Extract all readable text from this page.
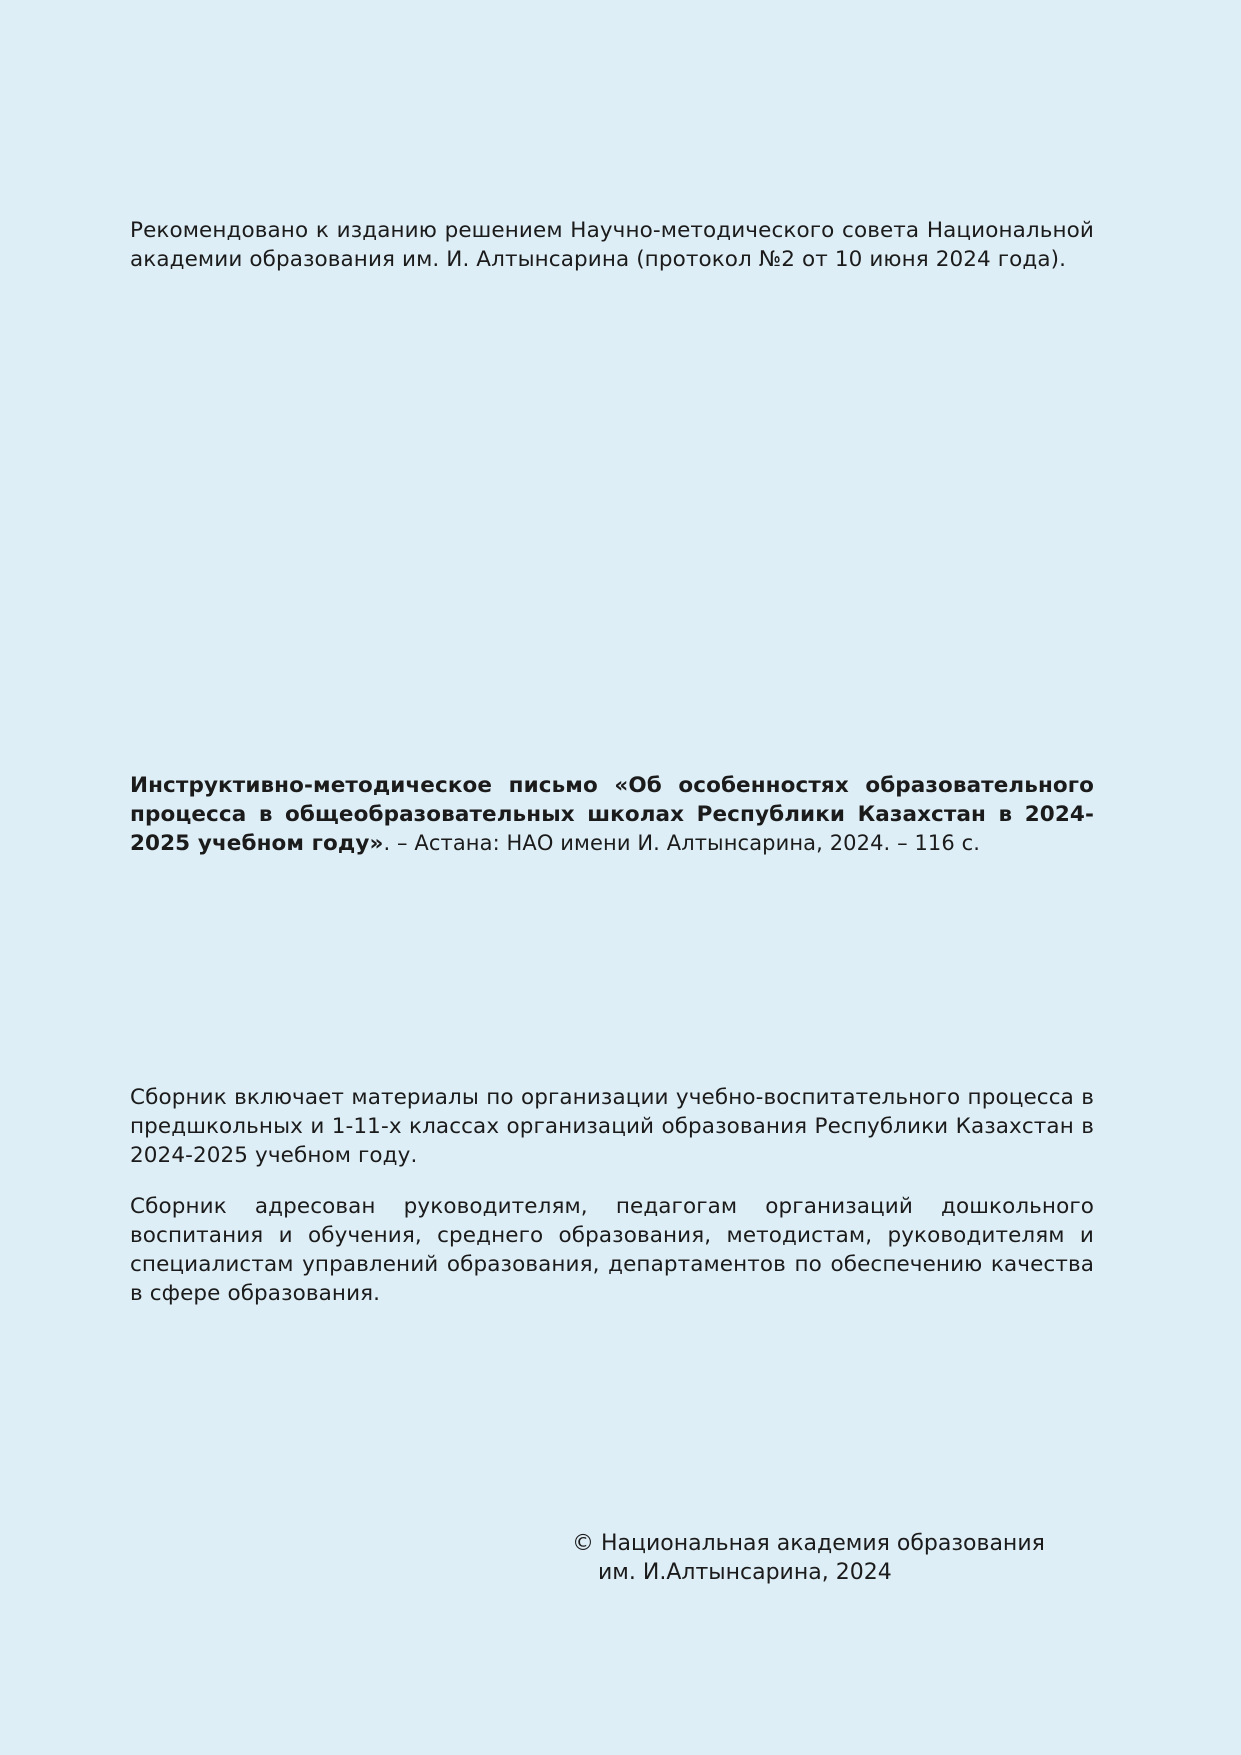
Рекомендовано к изданию решением Научно-методического совета Национальной академии образования им. И. Алтынсарина (протокол №2 от 10 июня 2024 года).

Инструктивно-методическое письмо «Об особенностях образовательного процесса в общеобразовательных школах Республики Казахстан в 2024-2025 учебном году». – Астана: НАО имени И. Алтынсарина, 2024. – 116 с.

Сборник включает материалы по организации учебно-воспитательного процесса в предшкольных и 1-11-х классах организаций образования Республики Казахстан в 2024-2025 учебном году.

Сборник адресован руководителям, педагогам организаций дошкольного воспитания и обучения, среднего образования, методистам, руководителям и специалистам управлений образования, департаментов по обеспечению качества в сфере образования.

© Национальная академия образования
им. И.Алтынсарина, 2024
